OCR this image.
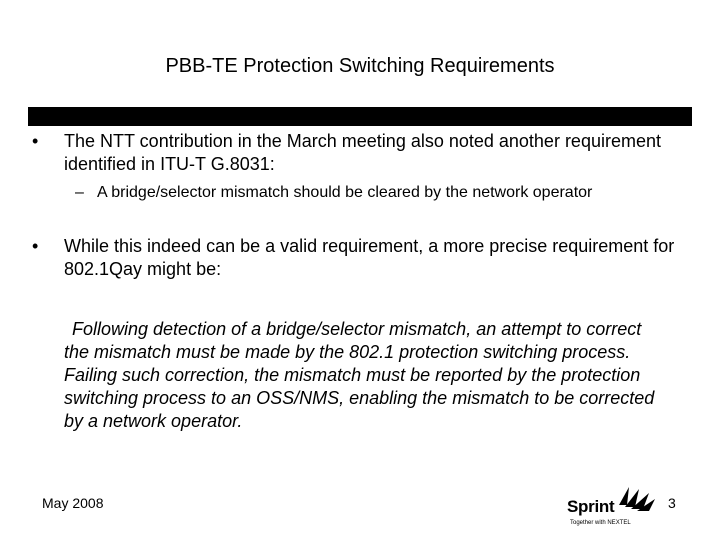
PBB-TE Protection Switching Requirements
• The NTT contribution in the March meeting also noted another requirement identified in ITU-T G.8031:
– A bridge/selector mismatch should be cleared by the network operator
• While this indeed can be a valid requirement, a more precise requirement for 802.1Qay might be:
Following detection of a bridge/selector mismatch, an attempt to correct the mismatch must be made by the 802.1 protection switching process. Failing such correction, the mismatch must be reported by the protection switching process to an OSS/NMS, enabling the mismatch to be corrected by a network operator.
May 2008	Sprint
Together with NEXTEL
3
